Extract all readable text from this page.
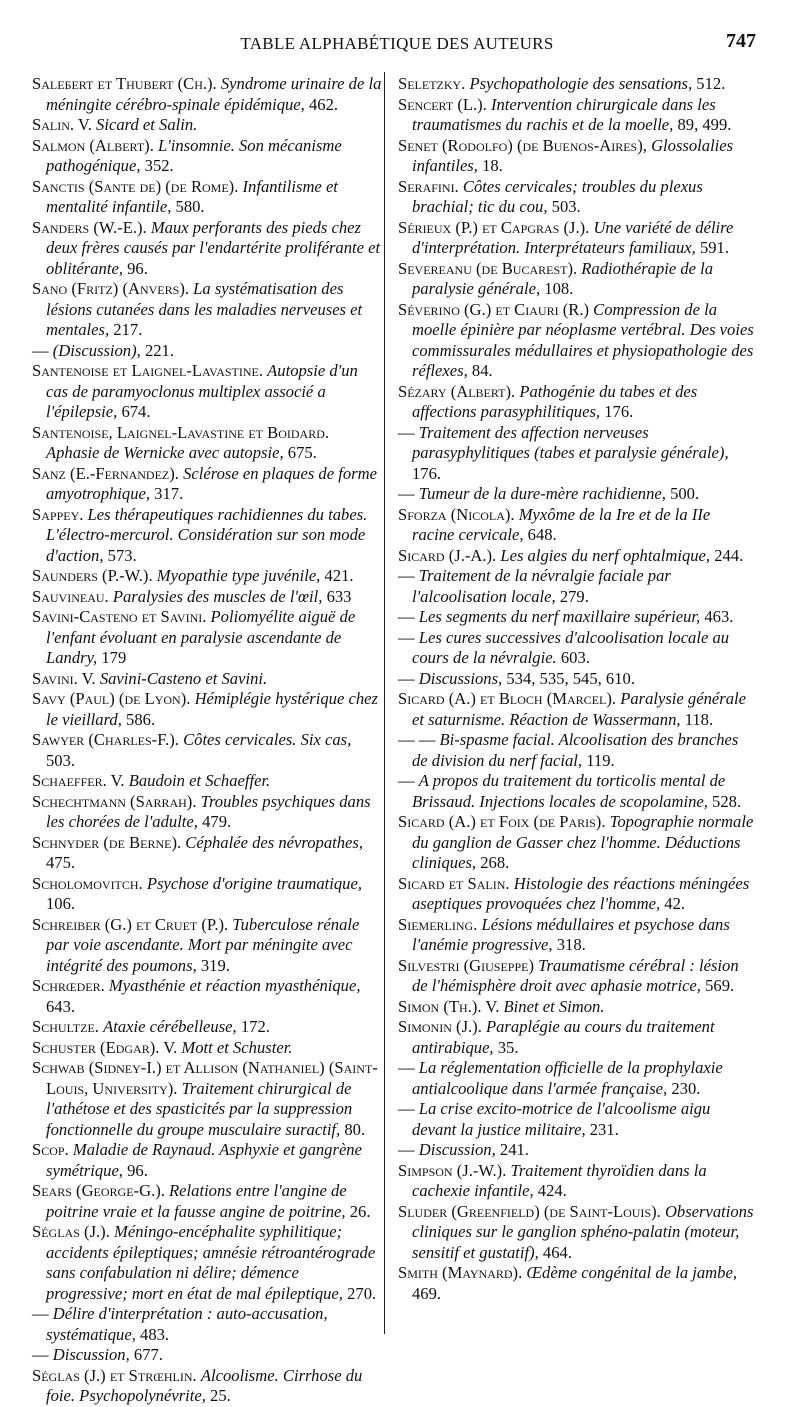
TABLE ALPHABÉTIQUE DES AUTEURS	747
Saleбert et Thubert (Ch.). Syndrome urinaire de la méningite cérébro-spinale épidémique, 462.
Salin. V. Sicard et Salin.
Salmon (Albert). L'insomnie. Son mécanisme pathogénique, 352.
Sanctis (Sante de) (de Rome). Infantilisme et mentalité infantile, 580.
Sanders (W.-E.). Maux perforants des pieds chez deux frères causés par l'endartérite proliférante et oblitérante, 96.
Sano (Fritz) (Anvers). La systématisation des lésions cutanées dans les maladies nerveuses et mentales, 217.
— (Discussion), 221.
Santenoise et Laignel-Lavastine. Autopsie d'un cas de paramyoclonus multiplex associé a l'épilepsie, 674.
Santenoise, Laignel-Lavastine et Boidard. Aphasie de Wernicke avec autopsie, 675.
Sanz (E.-Fernandez). Sclérose en plaques de forme amyotrophique, 317.
Sappey. Les thérapeutiques rachidiennes du tabes. L'électro-mercurol. Considération sur son mode d'action, 573.
Saunders (P.-W.). Myopathie type juvénile, 421.
Sauvineau. Paralysies des muscles de l'œil, 633
Savini-Casteno et Savini. Poliomyélite aiguë de l'enfant évoluant en paralysie ascendante de Landry, 179
Savini. V. Savini-Casteno et Savini.
Savy (Paul) (de Lyon). Hémiplégie hystérique chez le vieillard, 586.
Sawyer (Charles-F.). Côtes cervicales. Six cas, 503.
Schaeffer. V. Baudoin et Schaeffer.
Schechtmann (Sarrah). Troubles psychiques dans les chorées de l'adulte, 479.
Schnyder (de Berne). Céphalée des névropathes, 475.
Scholomovitch. Psychose d'origine traumatique, 106.
Schreiber (G.) et Cruet (P.). Tuberculose rénale par voie ascendante. Mort par méningite avec intégrité des poumons, 319.
Schrœder. Myasthénie et réaction myasthénique, 643.
Schultze. Ataxie cérébelleuse, 172.
Schuster (Edgar). V. Mott et Schuster.
Schwab (Sidney-I.) et Allison (Nathaniel) (Saint-Louis, University). Traitement chirurgical de l'athétose et des spasticités par la suppression fonctionnelle du groupe musculaire suractif, 80.
Scop. Maladie de Raynaud. Asphyxie et gangrène symétrique, 96.
Sears (George-G.). Relations entre l'angine de poitrine vraie et la fausse angine de poitrine, 26.
Séglas (J.). Méningo-encéphalite syphilitique; accidents épileptiques; amnésie rétroantérograde sans confabulation ni délire; démence progressive; mort en état de mal épileptique, 270.
— Délire d'interprétation : auto-accusation, systématique, 483.
— Discussion, 677.
Séglas (J.) et Strœhlin. Alcoolisme. Cirrhose du foie. Psychopolynévrite, 25.
Seletzky. Psychopathologie des sensations, 512.
Sencert (L.). Intervention chirurgicale dans les traumatismes du rachis et de la moelle, 89, 499.
Senet (Rodolfo) (de Buenos-Aires), Glossolalies infantiles, 18.
Serafini. Côtes cervicales; troubles du plexus brachial; tic du cou, 503.
Sérieux (P.) et Capgras (J.). Une variété de délire d'interprétation. Interprétateurs familiaux, 591.
Severeanu (de Bucarest). Radiothérapie de la paralysie générale, 108.
Séverino (G.) et Ciauri (R.) Compression de la moelle épinière par néoplasme vertébral. Des voies commissurales médullaires et physiopathologie des réflexes, 84.
Sézary (Albert). Pathogénie du tabes et des affections parasyphilitiques, 176.
— Traitement des affection nerveuses parasyphylitiques (tabes et paralysie générale), 176.
— Tumeur de la dure-mère rachidienne, 500.
Sforza (Nicola). Myxôme de la Ire et de la IIe racine cervicale, 648.
Sicard (J.-A.). Les algies du nerf ophtalmique, 244.
— Traitement de la névralgie faciale par l'alcoolisation locale, 279.
— Les segments du nerf maxillaire supérieur, 463.
— Les cures successives d'alcoolisation locale au cours de la névralgie. 603.
— Discussions, 534, 535, 545, 610.
Sicard (A.) et Bloch (Marcel). Paralysie générale et saturnisme. Réaction de Wassermann, 118.
— — Bi-spasme facial. Alcoolisation des branches de division du nerf facial, 119.
— A propos du traitement du torticolis mental de Brissaud. Injections locales de scopolamine, 528.
Sicard (A.) et Foix (de Paris). Topographie normale du ganglion de Gasser chez l'homme. Déductions cliniques, 268.
Sicard et Salin. Histologie des réactions méningées aseptiques provoquées chez l'homme, 42.
Siemerling. Lésions médullaires et psychose dans l'anémie progressive, 318.
Silvestri (Giuseppe) Traumatisme cérébral : lésion de l'hémisphère droit avec aphasie motrice, 569.
Simon (Th.). V. Binet et Simon.
Simonin (J.). Paraplégie au cours du traitement antirabique, 35.
— La réglementation officielle de la prophylaxie antialcoolique dans l'armée française, 230.
— La crise excito-motrice de l'alcoolisme aigu devant la justice militaire, 231.
— Discussion, 241.
Simpson (J.-W.). Traitement thyroïdien dans la cachexie infantile, 424.
Sluder (Greenfield) (de Saint-Louis). Observations cliniques sur le ganglion sphéno-palatin (moteur, sensitif et gustatif), 464.
Smith (Maynard). Œdème congénital de la jambe, 469.
